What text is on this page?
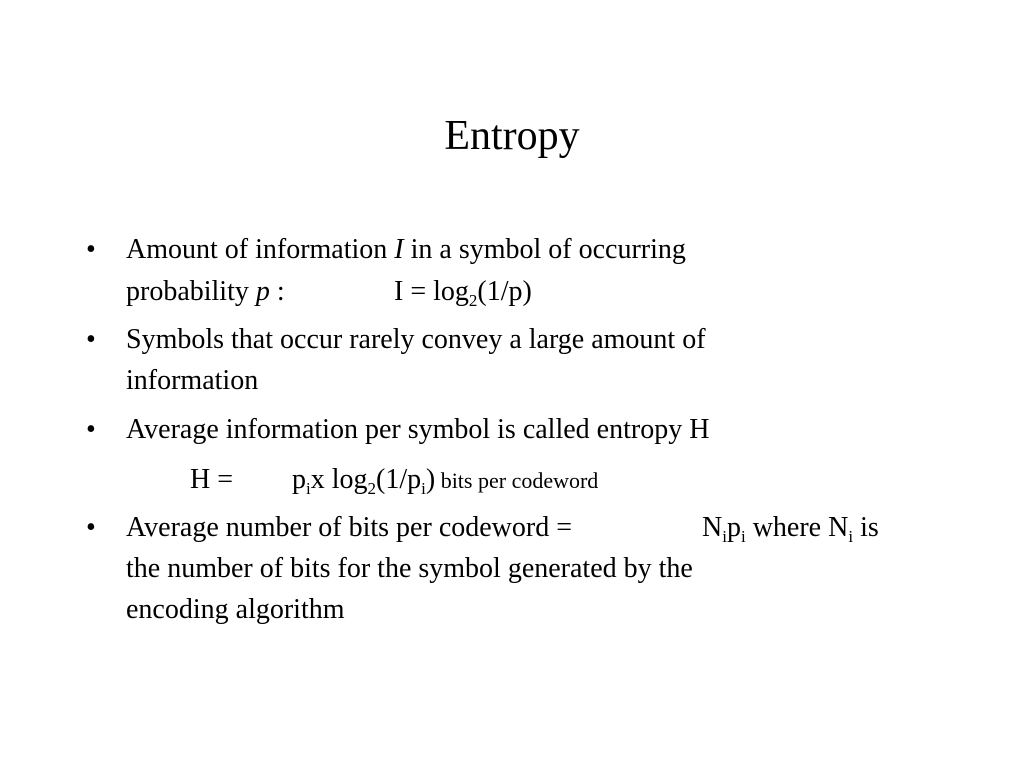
Entropy
• Amount of information I in a symbol of occurring
probability p :	$I = \log_2(1/p)$
• Symbols that occur rarely convey a large amount of
information
• Average information per symbol is called entropy H
$H = p_ix$ $\log_2(1/p_i)$ bits per codeword
• Average number of bits per codeword =	$N_ip_i$ where $N_i$ is
the number of bits for the symbol generated by the
encoding algorithm
